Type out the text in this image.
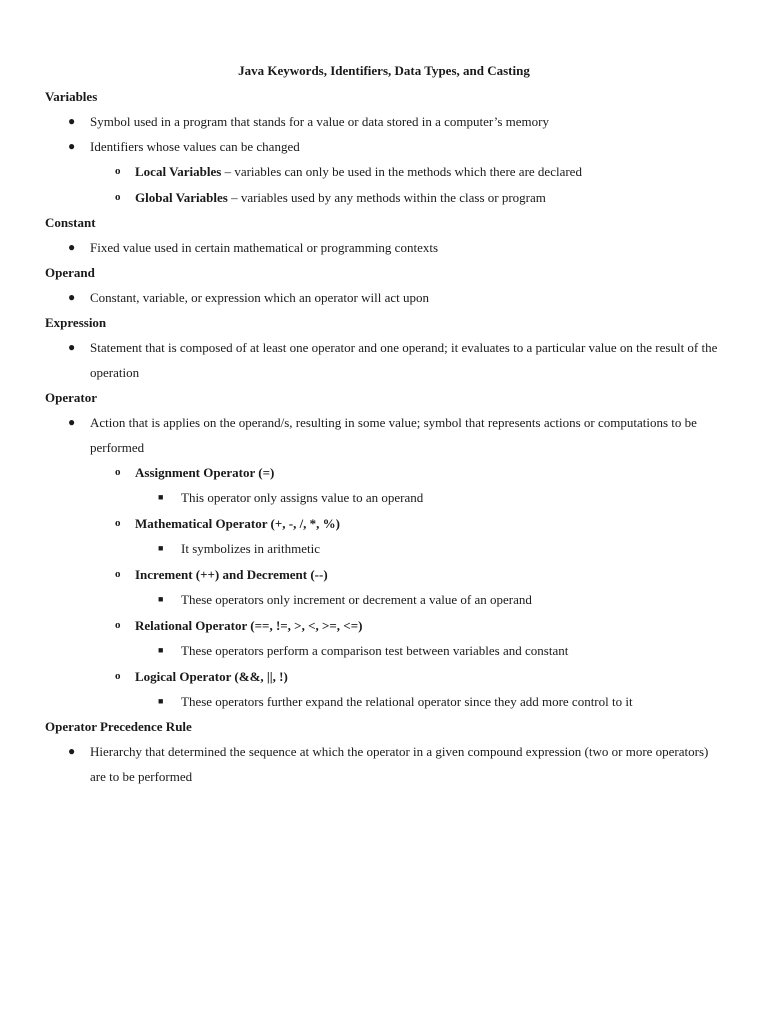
Java Keywords, Identifiers, Data Types, and Casting
Variables
● Symbol used in a program that stands for a value or data stored in a computer’s memory
● Identifiers whose values can be changed
o Local Variables – variables can only be used in the methods which there are declared
o Global Variables – variables used by any methods within the class or program
Constant
● Fixed value used in certain mathematical or programming contexts
Operand
● Constant, variable, or expression which an operator will act upon
Expression
● Statement that is composed of at least one operator and one operand; it evaluates to a particular value on the result of the operation
Operator
● Action that is applies on the operand/s, resulting in some value; symbol that represents actions or computations to be performed
o Assignment Operator (=)
■ This operator only assigns value to an operand
o Mathematical Operator (+, -, /, *, %)
■ It symbolizes in arithmetic
o Increment (++) and Decrement (--)
■ These operators only increment or decrement a value of an operand
o Relational Operator (==, !=, >, <, >=, <=)
■ These operators perform a comparison test between variables and constant
o Logical Operator (&&, ||, !)
■ These operators further expand the relational operator since they add more control to it
Operator Precedence Rule
● Hierarchy that determined the sequence at which the operator in a given compound expression (two or more operators) are to be performed
